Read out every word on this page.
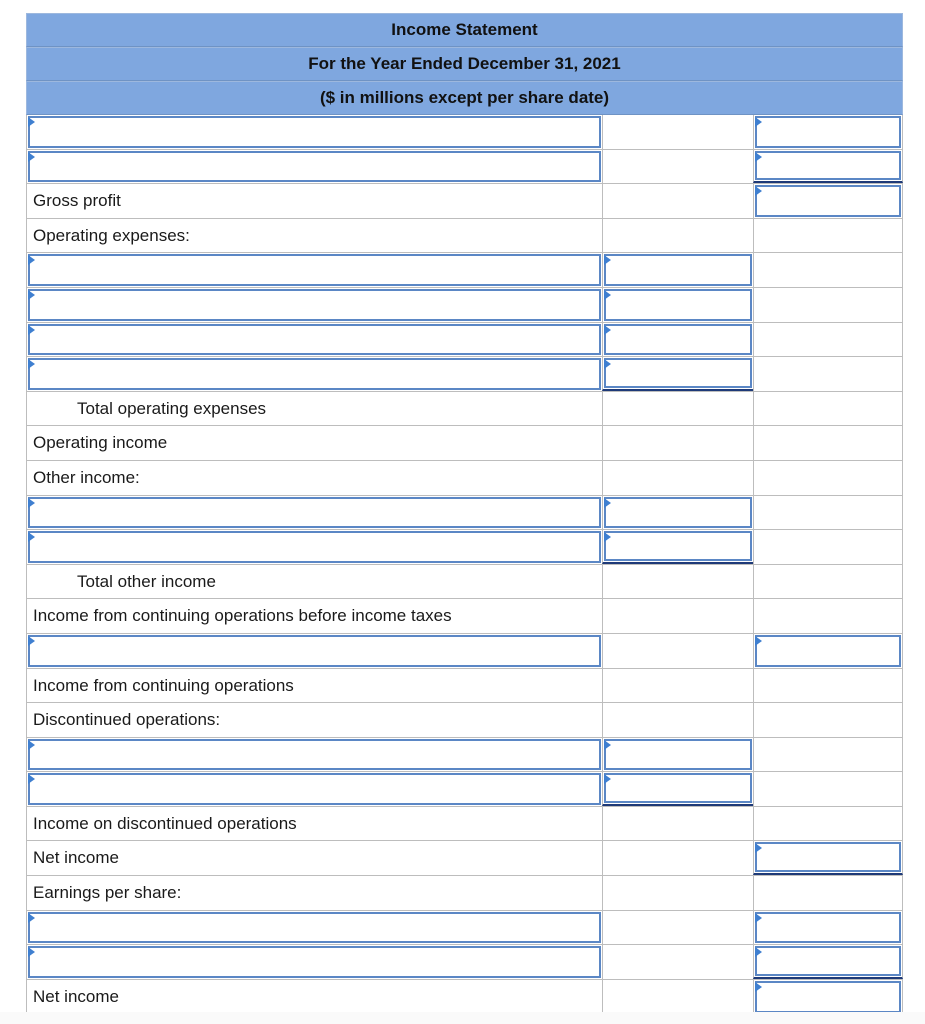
Income Statement
For the Year Ended December 31, 2021
($ in millions except per share date)
Gross profit
Operating expenses:
Total operating expenses
Operating income
Other income:
Total other income
Income from continuing operations before income taxes
Income from continuing operations
Discontinued operations:
Income on discontinued operations
Net income
Earnings per share:
Net income
